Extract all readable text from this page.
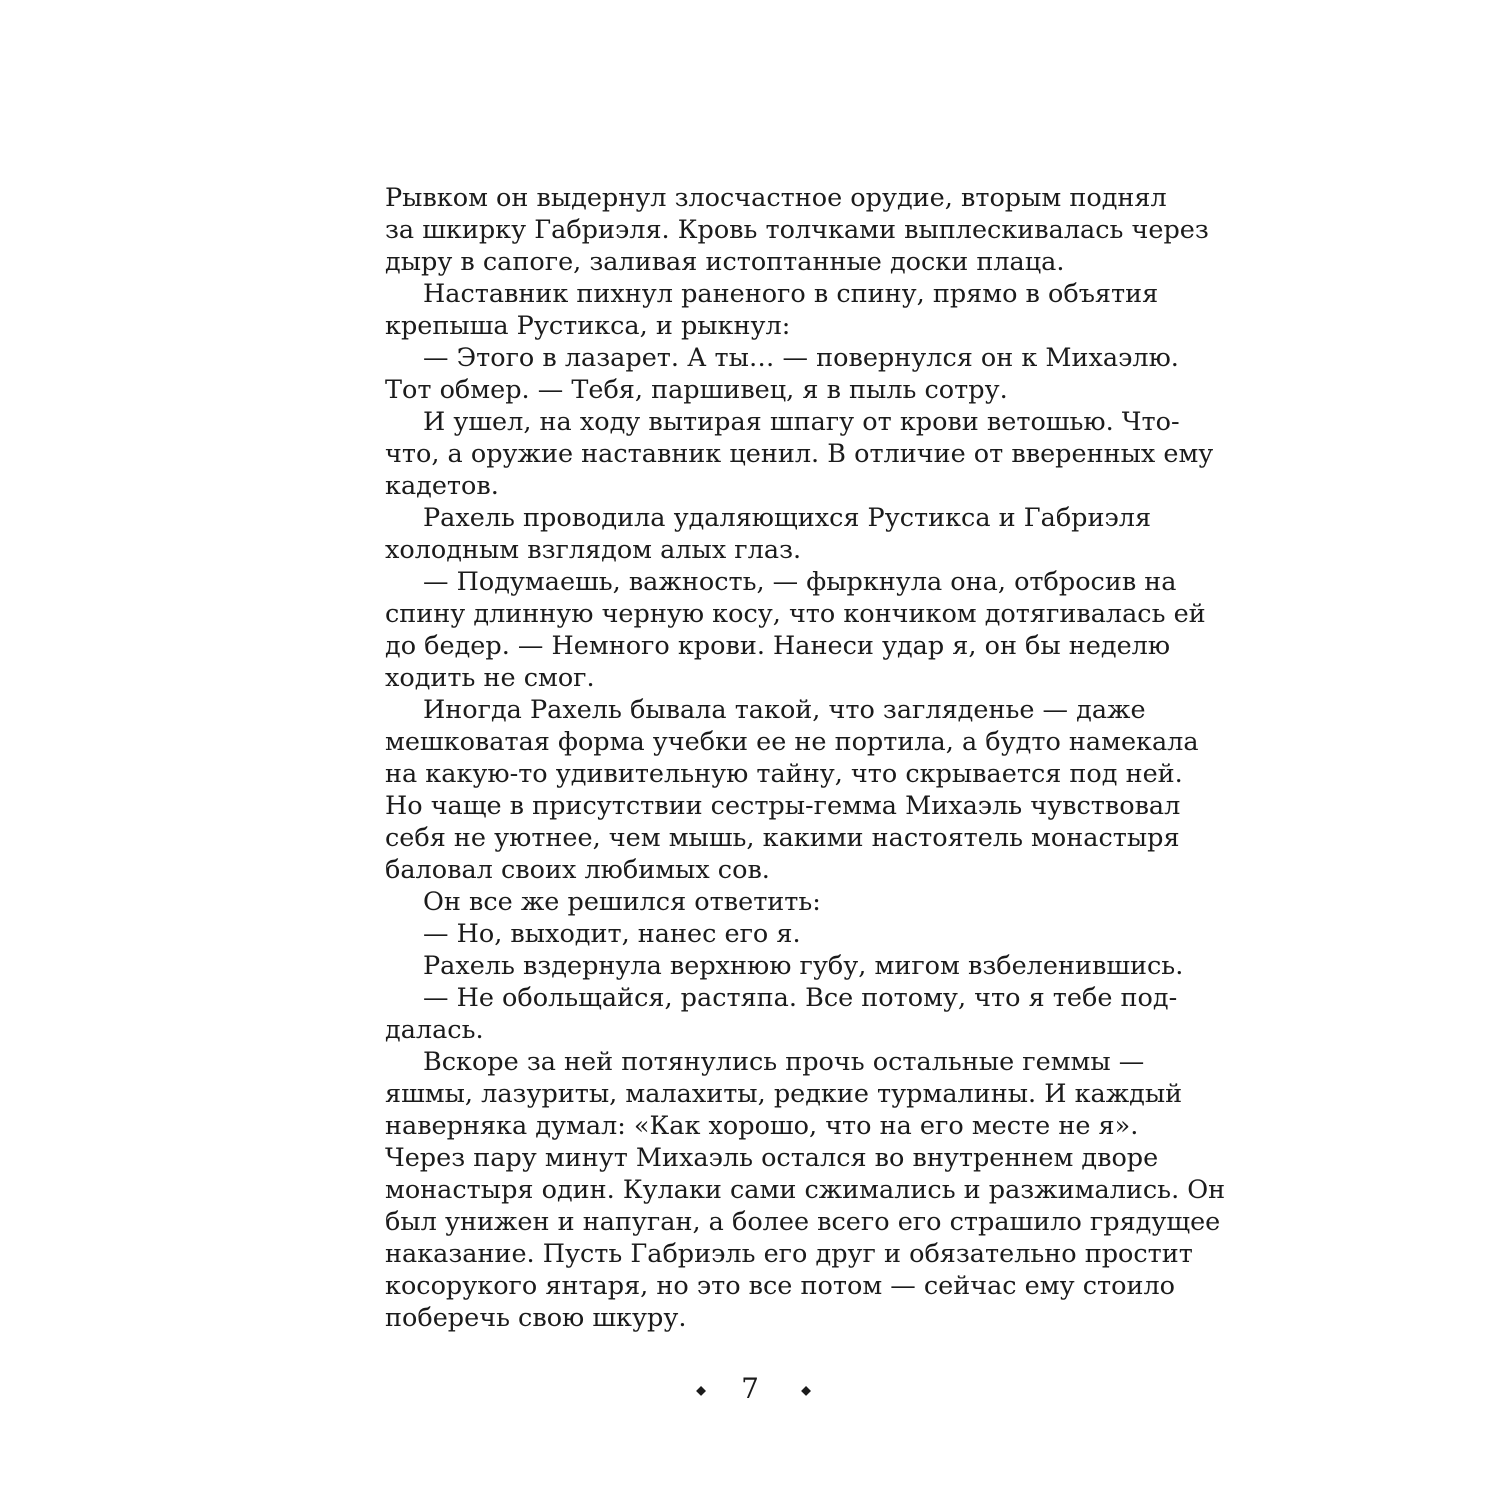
Рывком он выдернул злосчастное орудие, вторым поднял
за шкирку Габриэля. Кровь толчками выплескивалась через
дыру в сапоге, заливая истоптанные доски плаца.
Наставник пихнул раненого в спину, прямо в объятия
крепыша Рустикса, и рыкнул:
— Этого в лазарет. А ты… — повернулся он к Михаэлю.
Тот обмер. — Тебя, паршивец, я в пыль сотру.
И ушел, на ходу вытирая шпагу от крови ветошью. Что-
что, а оружие наставник ценил. В отличие от вверенных ему
кадетов.
Рахель проводила удаляющихся Рустикса и Габриэля
холодным взглядом алых глаз.
— Подумаешь, важность, — фыркнула она, отбросив на
спину длинную черную косу, что кончиком дотягивалась ей
до бедер. — Немного крови. Нанеси удар я, он бы неделю
ходить не смог.
Иногда Рахель бывала такой, что загляденье — даже
мешковатая форма учебки ее не портила, а будто намекала
на какую-то удивительную тайну, что скрывается под ней.
Но чаще в присутствии сестры-гемма Михаэль чувствовал
себя не уютнее, чем мышь, какими настоятель монастыря
баловал своих любимых сов.
Он все же решился ответить:
— Но, выходит, нанес его я.
Рахель вздернула верхнюю губу, мигом взбеленившись.
— Не обольщайся, растяпа. Все потому, что я тебе под-
далась.
Вскоре за ней потянулись прочь остальные геммы —
яшмы, лазуриты, малахиты, редкие турмалины. И каждый
наверняка думал: «Как хорошо, что на его месте не я».
Через пару минут Михаэль остался во внутреннем дворе
монастыря один. Кулаки сами сжимались и разжимались. Он
был унижен и напуган, а более всего его страшило грядущее
наказание. Пусть Габриэль его друг и обязательно простит
косорукого янтаря, но это все потом — сейчас ему стоило
поберечь свою шкуру.
7
